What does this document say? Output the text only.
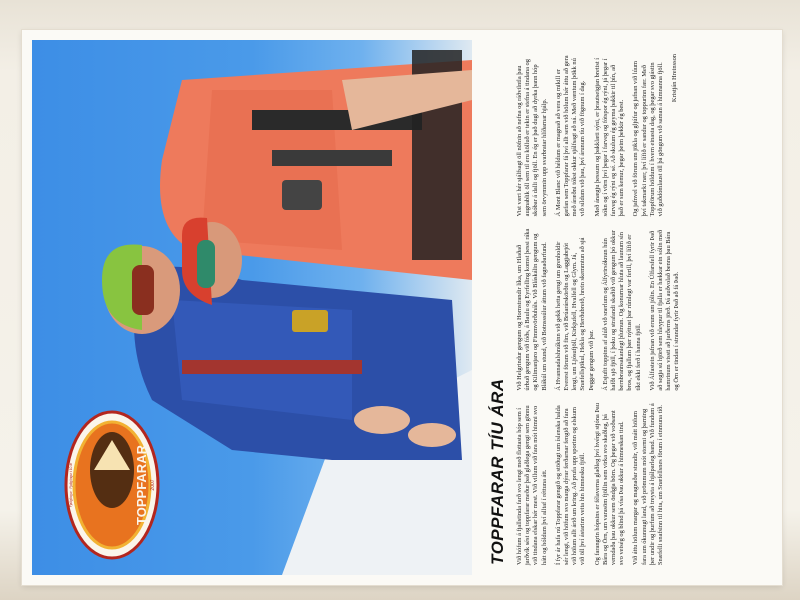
TOPPFARAR 2007
Fjallgöngur · Fjallgöngur í 10 ár	TOPPFARAR TÍU ÁRA Við hófum á fjallstinda farð svo lengi með flottasta hóp sem í jarðvík sést og toppfarar meður það glaðlega gengi sem gönnu við tindana elskar hér mest. Við villum við fara mót himni svo hátt og hóldum því alltaf í réttuna átt. Í fyr ár hafa nú Toppfarar gengið og stöðugt um íslenska halda sér lengi, við höfum svo marga dýrar ferðarnar fengið að fara við hölum allt árið um kring. Að prufa upp sporinn og elskum við öll því ástarinn veita hin himnesku fjöll. Og farangrin hópsins er félaverna glaðleg því hvérgi stjóna Þau Bára og Örn, um varasöm fjöllin sem virka svo skaðleg, þá verndaða þau okkur sem öndgja börn. Og þegar við voðsamt svo veiség og blind þá vísa Þau okkur á himneskan tind. Við áttu hölum margar og magnaðar stundir, við mátt hölum fara um ókunnugt land, við prömmum mót stormi og þarning þer undir og þurfum að treysta á hjálparleg band. Við fundum á Snæfelli snafsinn til hita, um Snæfellsnes förum í einmuna tíð.

Við Helgrindur gengum og Hornstrandir líka, um Hlaðað úrbuð gengum við fóðs, á Baulu og Eyrfelling komst þessi ráka og Kilimanjaro og Fimmvörðuháls. Við Bláskálin gengum og Blákúl um stund, við Botnsssúlur áttum við fagnaðarfund. Á Hvannadalshnúkinn við gekk hetta gengi um grenholdir Everest förum við fim, við Brúarárskörðin og Laggjabrjót lengi, um Ljósufjöll, Kirkjufell, Hvalfell og Glym. Já, Snæfellsjökul, Hekla og Herðubreið, hrein skemmtun að sjá Þeggar gengum við þar. Á Esjufit toppinn af alúð við snerlum og Álfyrirsóknun hún hafði sjö fjöll, í þoku og strafandi skaðið við gengum þó okkur bernbrannsakanlegt þlutnun. Og konurnar hluta að launum sín bros, og fjallum þær nýttust þar rúmlegt var ferill, því lífið er tíkt ekki ferð í hanna fjöll. Við Álfastein jafnan við erum um jólin. En Úlfarsfell fyrir Það að segja sú hjörð sem hleypur til fjalla er hækkar ein sólin með hamrinum vissti að jarðerns jörð. Þá auðvolað benna þau Bára og Örn er tindan í strandar fyrir Það að fá Það.

Vist væri hér sjálfsagt öll nöfnin að nefna og ráðvilntla þau augnablik öll sem til eru kölluð er tekin er stefna á tindana og skóbar á dalli og fjöll. En ég er það dugi að dyrka þann hóp sem örvymmin upp svarbratar hlíðarnar hjálp. Á Mont Blanc við héldum er magnað að vera og mikill er gæfan sem Toppfarar fá því allt sem við hölum hér áttu að gera með áræðni tókst okkur sjálfsagt að ná. Með væntum þökk nú við síldum við þau, því árunum tíu við fögnum í dag. Með ánægju þessum og þakklæti sýni, er þrautseigjan bretist í sókn og í vörn því þegar í farveg og fótspor ég rýni, já þegar í farveg ég rýni eg sé. Að skulum ég geyma þakkir til þín, að það er sum kemur, þegar þeim þekkir ég best. Og jafnvel við förum um jökla og gljúfur og jafnan við lúum því takmarki nær, því lífið er sandur og toppurinn fær. Með Toppförum höldum í hvern einasta dag, og þegar svo gjástin við guðdómlaust öll þá göngum við saman á himnanna fjöll. Kristján Hreinsson
